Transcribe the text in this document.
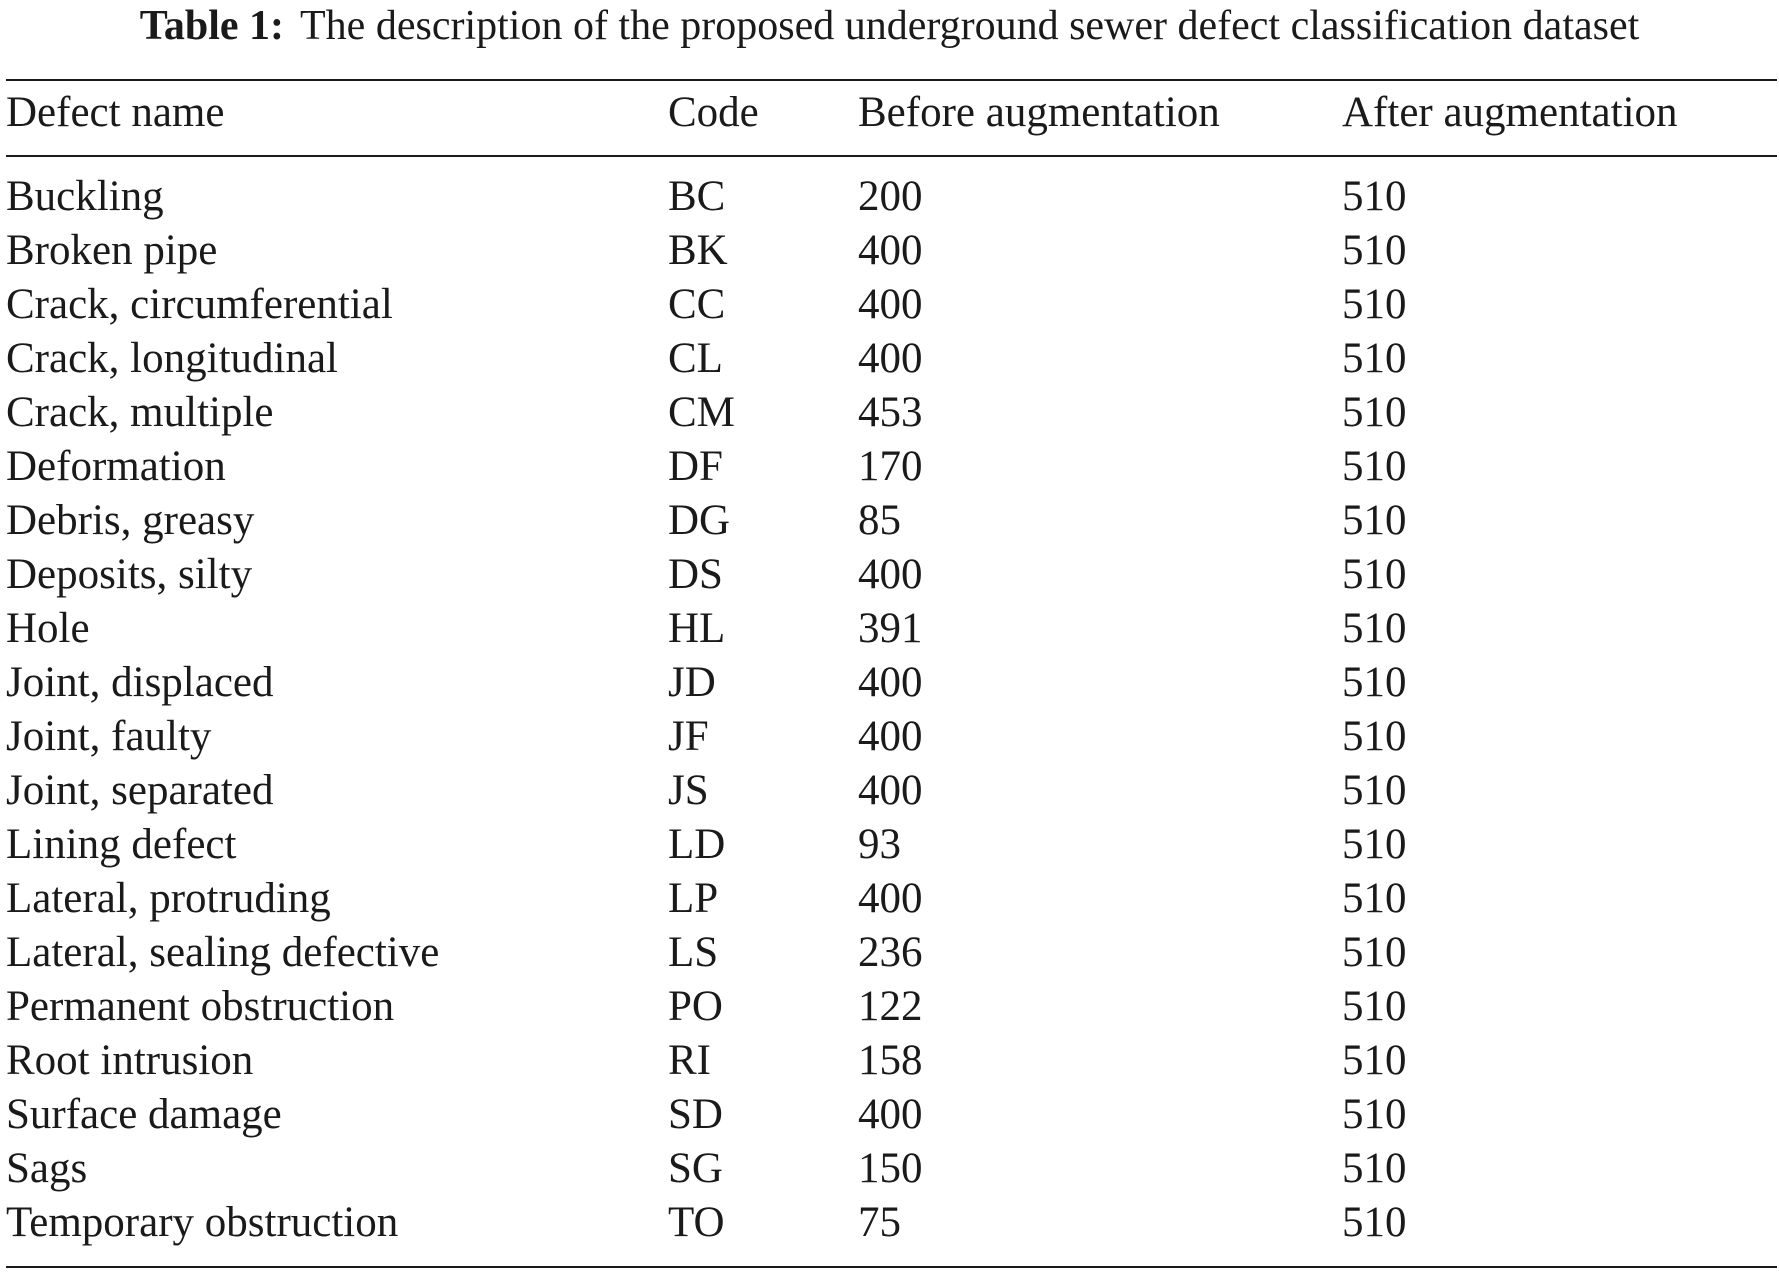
Table 1: The description of the proposed underground sewer defect classification dataset
Defect name	Code	Before augmentation	After augmentation
Buckling	BC	200	510
Broken pipe	BK	400	510
Crack, circumferential	CC	400	510
Crack, longitudinal	CL	400	510
Crack, multiple	CM	453	510
Deformation	DF	170	510
Debris, greasy	DG	85	510
Deposits, silty	DS	400	510
Hole	HL	391	510
Joint, displaced	JD	400	510
Joint, faulty	JF	400	510
Joint, separated	JS	400	510
Lining defect	LD	93	510
Lateral, protruding	LP	400	510
Lateral, sealing defective	LS	236	510
Permanent obstruction	PO	122	510
Root intrusion	RI	158	510
Surface damage	SD	400	510
Sags	SG	150	510
Temporary obstruction	TO	75	510
